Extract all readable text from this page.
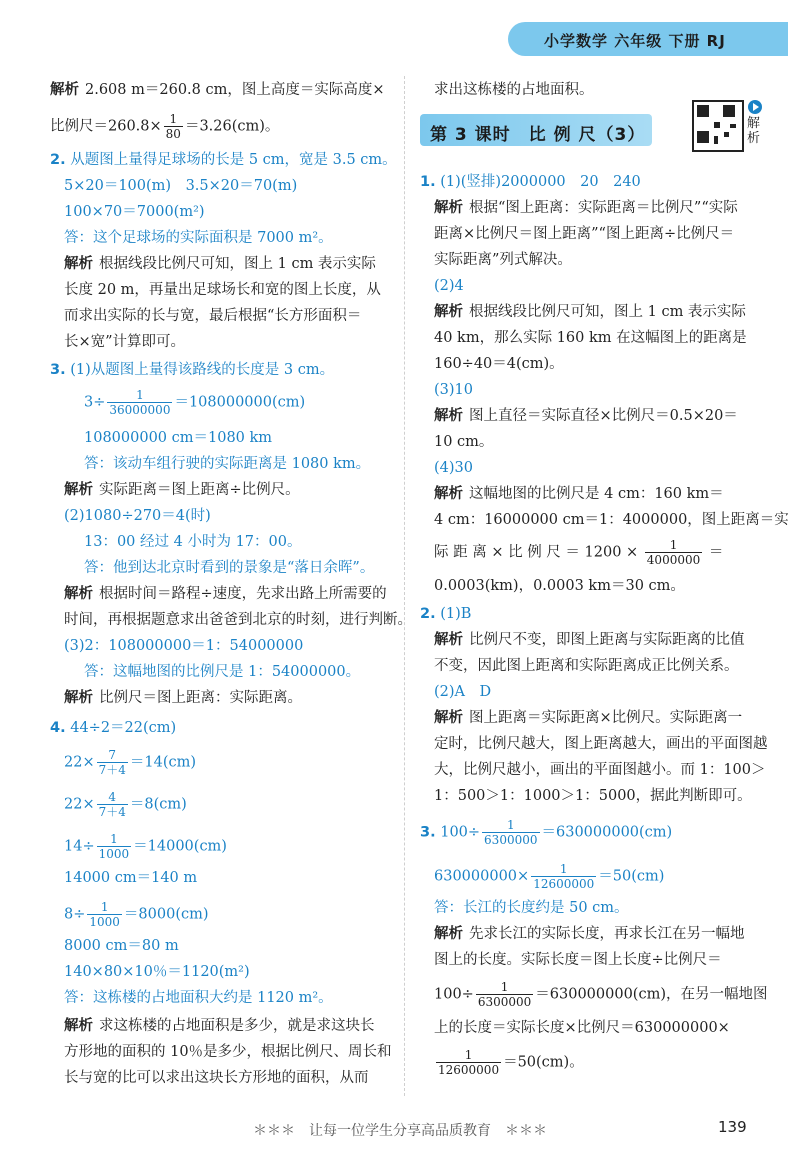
小学数学 六年级 下册 RJ
解析 2.608 m＝260.8 cm，图上高度＝实际高度×
比例尺$=260.8\times \frac{1}{80} =3.26(cm)$。
2. 从题图上量得足球场的长是 5 cm，宽是 3.5 cm。
5×20＝100(m)　3.5×20＝70(m)
100×70＝7000(m²)
答：这个足球场的实际面积是 7000 m²。
解析 根据线段比例尺可知，图上 1 cm 表示实际
长度 20 m，再量出足球场长和宽的图上长度，从
而求出实际的长与宽，最后根据“长方形面积＝
长×宽”计算即可。
3. (1)从题图上量得该路线的长度是 3 cm。
$3\div \frac{1}{36000000} =108000000(cm)$
108000000 cm＝1080 km
答：该动车组行驶的实际距离是 1080 km。
解析 实际距离＝图上距离÷比例尺。
(2)1080÷270＝4(时)
13：00 经过 4 小时为 17：00。
答：他到达北京时看到的景象是“落日余晖”。
解析 根据时间＝路程÷速度，先求出路上所需要的
时间，再根据题意求出爸爸到北京的时刻，进行判断。
(3)2：108000000＝1：54000000
答：这幅地图的比例尺是 1：54000000。
解析 比例尺＝图上距离：实际距离。
4. 44÷2＝22(cm)
$22\times \frac{7}{7+4} =14(cm)$
$22\times \frac{4}{7+4} =8(cm)$
$14\div \frac{1}{1000} =14000(cm)$
14000 cm＝140 m
$8\div \frac{1}{1000} =8000(cm)$
8000 cm＝80 m
140×80×10％＝1120(m²)
答：这栋楼的占地面积大约是 1120 m²。
解析 求这栋楼的占地面积是多少，就是求这块长
方形地的面积的 10％是多少，根据比例尺、周长和
长与宽的比可以求出这块长方形地的面积，从而
求出这栋楼的占地面积。
第 3 课时　比 例 尺（3）
解析
1. (1)(竖排)2000000　20　240
解析 根据“图上距离：实际距离＝比例尺”“实际
距离×比例尺＝图上距离”“图上距离÷比例尺＝
实际距离”列式解决。
(2)4
解析 根据线段比例尺可知，图上 1 cm 表示实际
40 km，那么实际 160 km 在这幅图上的距离是
160÷40＝4(cm)。
(3)10
解析 图上直径＝实际直径×比例尺＝0.5×20＝
10 cm。
(4)30
解析 这幅地图的比例尺是 4 cm：160 km＝
4 cm：16000000 cm＝1：4000000，图上距离＝实
际 距 离 × 比 例 尺 ＝ $1200 \times \frac{1}{4000000}$ ＝
0.0003(km)，0.0003 km＝30 cm。
2. (1)B
解析 比例尺不变，即图上距离与实际距离的比值
不变，因此图上距离和实际距离成正比例关系。
(2)A　D
解析 图上距离＝实际距离×比例尺。实际距离一
定时，比例尺越大，图上距离越大，画出的平面图越
大，比例尺越小，画出的平面图越小。而 1：100＞
1：500＞1：1000＞1：5000，据此判断即可。
3. $100\div \frac{1}{6300000} =630000000(cm)$
$630000000\times \frac{1}{12600000} =50(cm)$
答：长江的长度约是 50 cm。
解析 先求长江的实际长度，再求长江在另一幅地
图上的长度。实际长度＝图上长度÷比例尺＝
$100\div \frac{1}{6300000} =630000000(cm)$，在另一幅地图
上的长度＝实际长度×比例尺＝630000000×
$\frac{1}{12600000} =50(cm)$。
＊＊＊　让每一位学生分享高品质教育　＊＊＊	139
